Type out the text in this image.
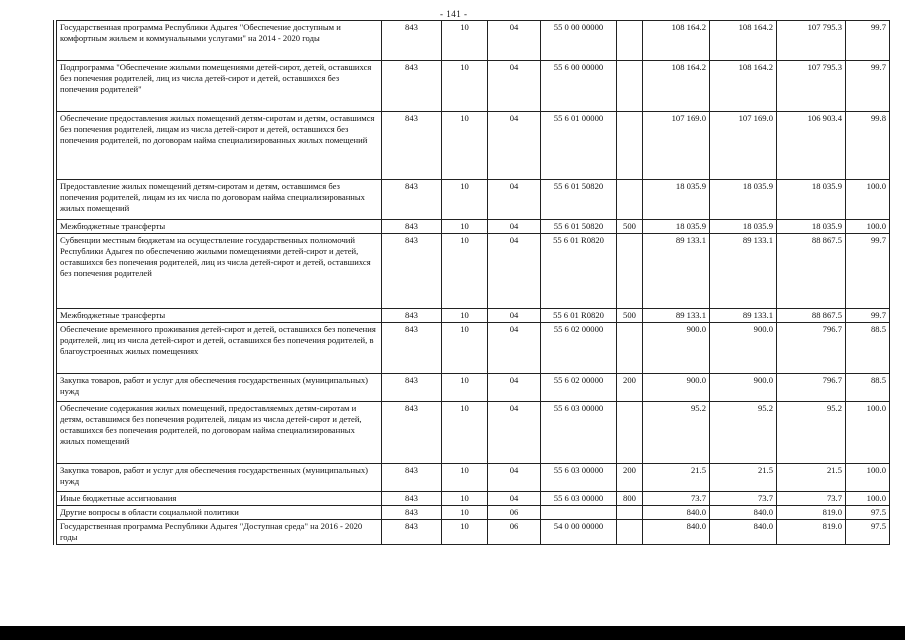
- 141 -
Государственная программа Республики Адыгея "Обеспечение доступным и комфортным жильем и коммунальными услугами" на 2014 - 2020 годы	843	10	04	55 0 00 00000		108 164.2	108 164.2	107 795.3	99.7
Подпрограмма "Обеспечение жилыми помещениями детей-сирот, детей, оставшихся без попечения родителей, лиц из числа детей-сирот и детей, оставшихся без попечения родителей"	843	10	04	55 6 00 00000		108 164.2	108 164.2	107 795.3	99.7
Обеспечение предоставления жилых помещений детям-сиротам и детям, оставшимся без попечения родителей, лицам из числа детей-сирот и детей, оставшихся без попечения родителей, по договорам найма специализированных жилых помещений	843	10	04	55 6 01 00000		107 169.0	107 169.0	106 903.4	99.8
Предоставление жилых помещений детям-сиротам и детям, оставшимся без попечения родителей, лицам из их числа по договорам найма специализированных жилых помещений	843	10	04	55 6 01 50820		18 035.9	18 035.9	18 035.9	100.0
Межбюджетные трансферты	843	10	04	55 6 01 50820	500	18 035.9	18 035.9	18 035.9	100.0
Субвенции местным бюджетам на осуществление государственных полномочий Республики Адыгея по обеспечению жилыми помещениями детей-сирот и детей, оставшихся без попечения родителей, лиц из числа детей-сирот и детей, оставшихся без попечения родителей	843	10	04	55 6 01 R0820		89 133.1	89 133.1	88 867.5	99.7
Межбюджетные трансферты	843	10	04	55 6 01 R0820	500	89 133.1	89 133.1	88 867.5	99.7
Обеспечение временного проживания детей-сирот и детей, оставшихся без попечения родителей, лиц из числа детей-сирот и детей, оставшихся без попечения родителей, в благоустроенных жилых помещениях	843	10	04	55 6 02 00000		900.0	900.0	796.7	88.5
Закупка товаров, работ и услуг для обеспечения государственных (муниципальных) нужд	843	10	04	55 6 02 00000	200	900.0	900.0	796.7	88.5
Обеспечение содержания жилых помещений, предоставляемых детям-сиротам и детям, оставшимся без попечения родителей, лицам из числа детей-сирот и детей, оставшихся без попечения родителей, по договорам найма специализированных жилых помещений	843	10	04	55 6 03 00000		95.2	95.2	95.2	100.0
Закупка товаров, работ и услуг для обеспечения государственных (муниципальных) нужд	843	10	04	55 6 03 00000	200	21.5	21.5	21.5	100.0
Иные бюджетные ассигнования	843	10	04	55 6 03 00000	800	73.7	73.7	73.7	100.0
Другие вопросы в области социальной политики	843	10	06			840.0	840.0	819.0	97.5
Государственная программа Республики Адыгея "Доступная среда" на 2016 - 2020 годы	843	10	06	54 0 00 00000		840.0	840.0	819.0	97.5
